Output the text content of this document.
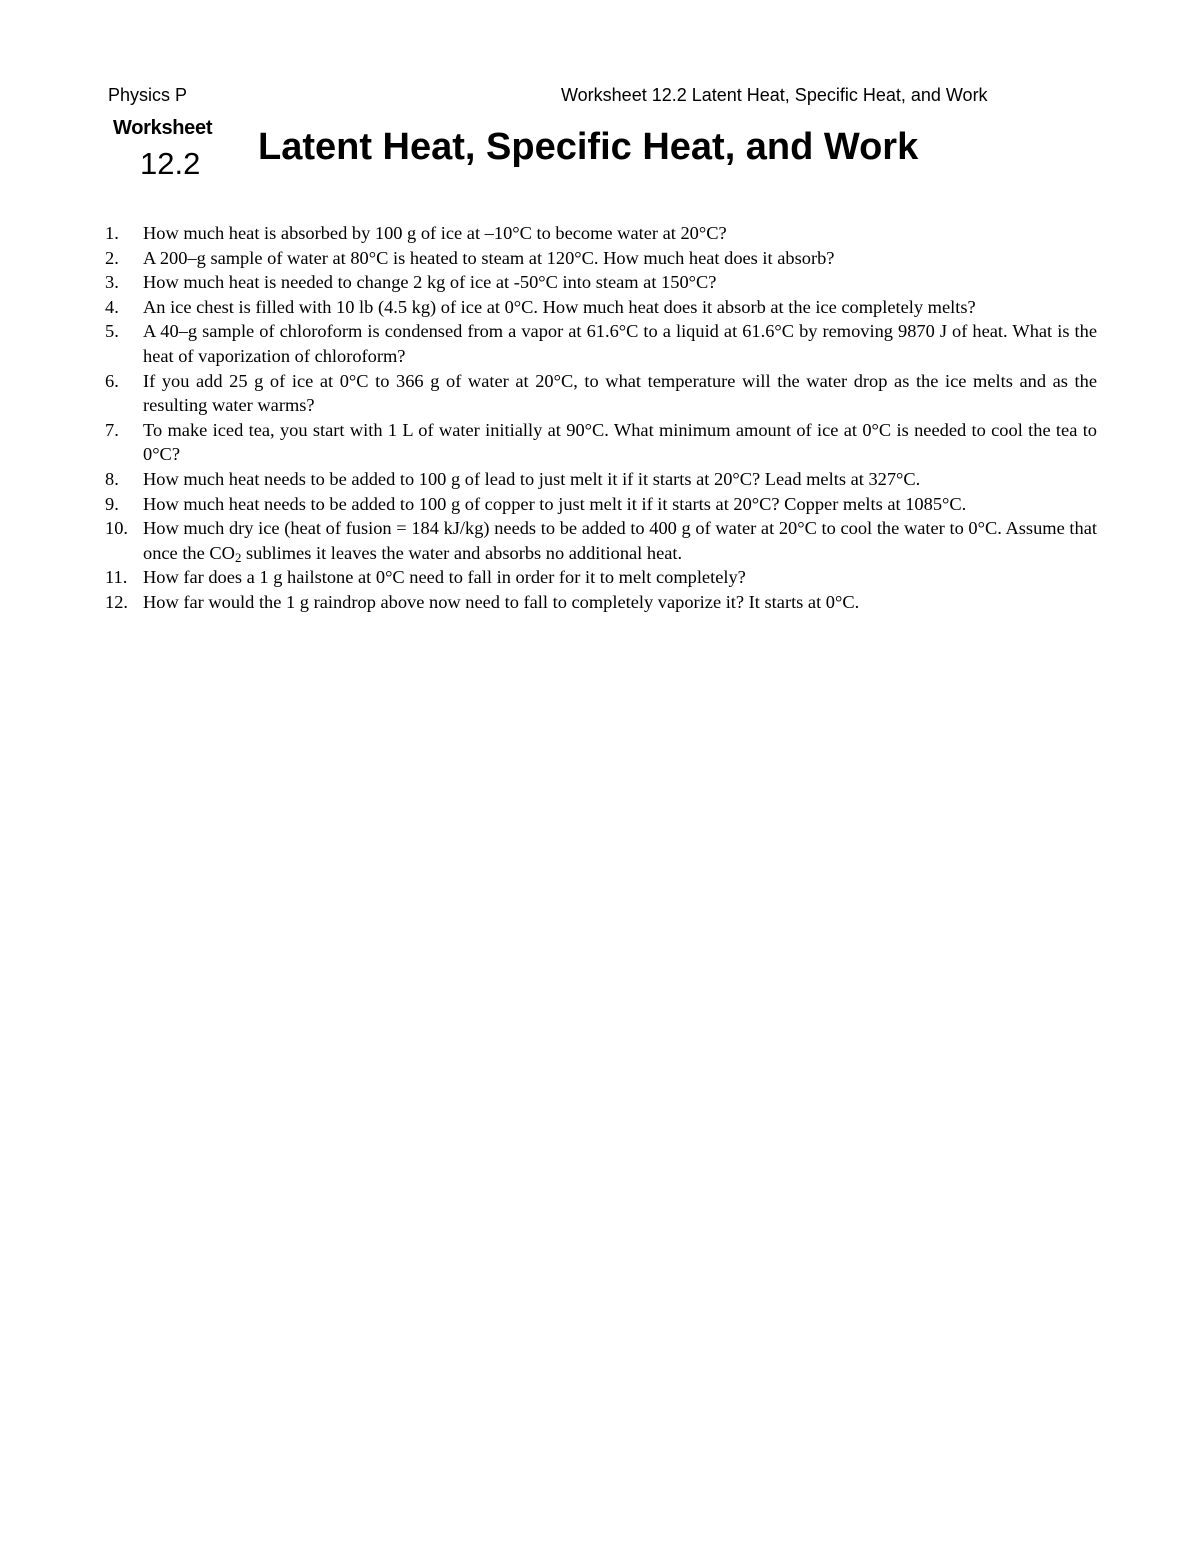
Physics P	Worksheet 12.2 Latent Heat, Specific Heat, and Work
Worksheet
12.2 Latent Heat, Specific Heat, and Work
1.	How much heat is absorbed by 100 g of ice at –10°C to become water at 20°C?
2.	A 200–g sample of water at 80°C is heated to steam at 120°C. How much heat does it absorb?
3.	How much heat is needed to change 2 kg of ice at -50°C into steam at 150°C?
4.	An ice chest is filled with 10 lb (4.5 kg) of ice at 0°C. How much heat does it absorb at the ice completely melts?
5.	A 40–g sample of chloroform is condensed from a vapor at 61.6°C to a liquid at 61.6°C by removing 9870 J of heat. What is the heat of vaporization of chloroform?
6.	If you add 25 g of ice at 0°C to 366 g of water at 20°C, to what temperature will the water drop as the ice melts and as the resulting water warms?
7.	To make iced tea, you start with 1 L of water initially at 90°C. What minimum amount of ice at 0°C is needed to cool the tea to 0°C?
8.	How much heat needs to be added to 100 g of lead to just melt it if it starts at 20°C? Lead melts at 327°C.
9.	How much heat needs to be added to 100 g of copper to just melt it if it starts at 20°C? Copper melts at 1085°C.
10. How much dry ice (heat of fusion = 184 kJ/kg) needs to be added to 400 g of water at 20°C to cool the water to 0°C. Assume that once the $CO_2$ sublimes it leaves the water and absorbs no additional heat.
11. How far does a 1 g hailstone at 0°C need to fall in order for it to melt completely?
12. How far would the 1 g raindrop above now need to fall to completely vaporize it? It starts at 0°C.
